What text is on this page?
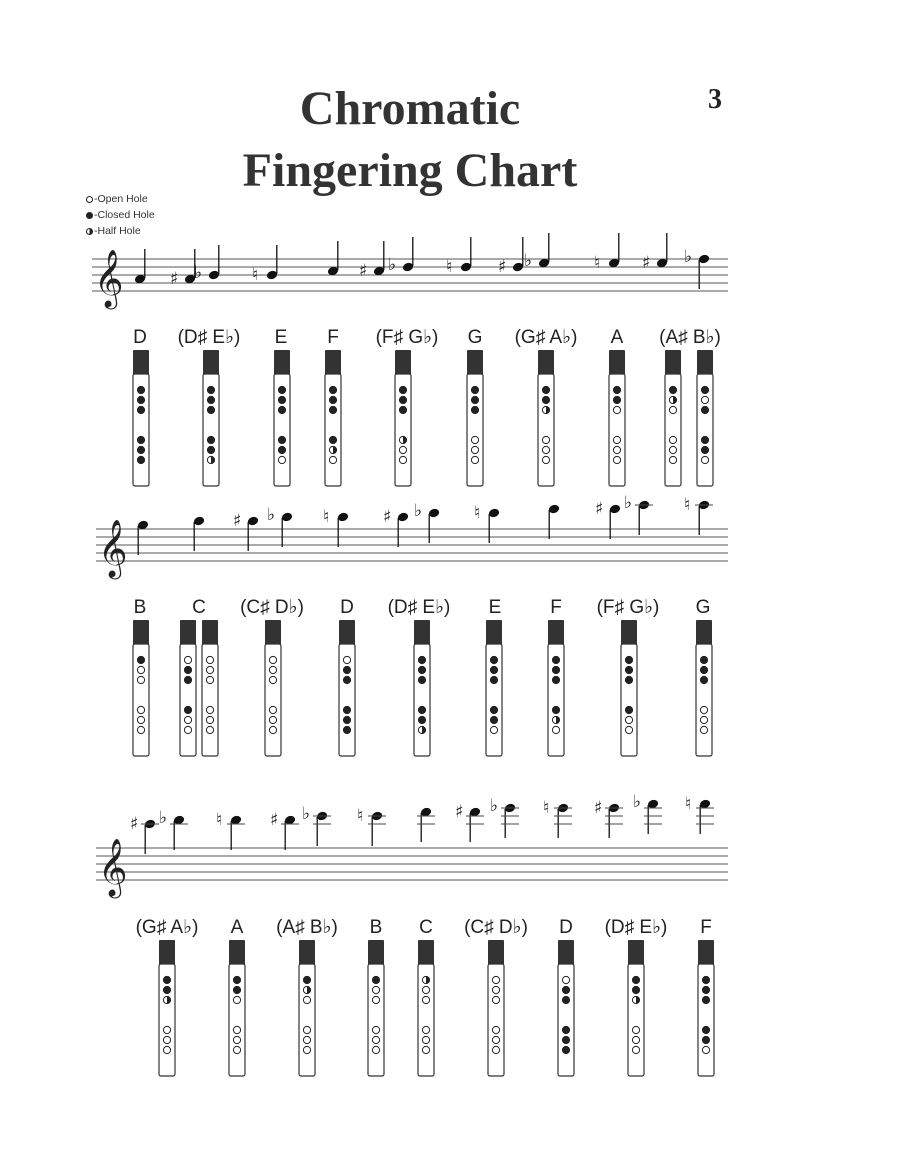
Chromatic
Fingering Chart
3
-Open Hole
-Closed Hole
-Half Hole
𝄞	♯ ♭	♮	♯ ♭	♮	♯ ♭	♮ ♯ ♭
D (D♯ E♭) E F (F♯ G♭) G (G♯ A♭) A (A♯ B♭)
𝄞	♯ ♭	♮	♯ ♭	♮	♯ ♭	♮
B C (C♯ D♭) D (D♯ E♭) E	F (F♯ G♭) G
𝄞
♯ ♭	♮	♯ ♭	♮	♯ ♭	♮	♯ ♭	♮
(G♯ A♭) A (A♯ B♭) B C (C♯ D♭) D (D♯ E♭) F
